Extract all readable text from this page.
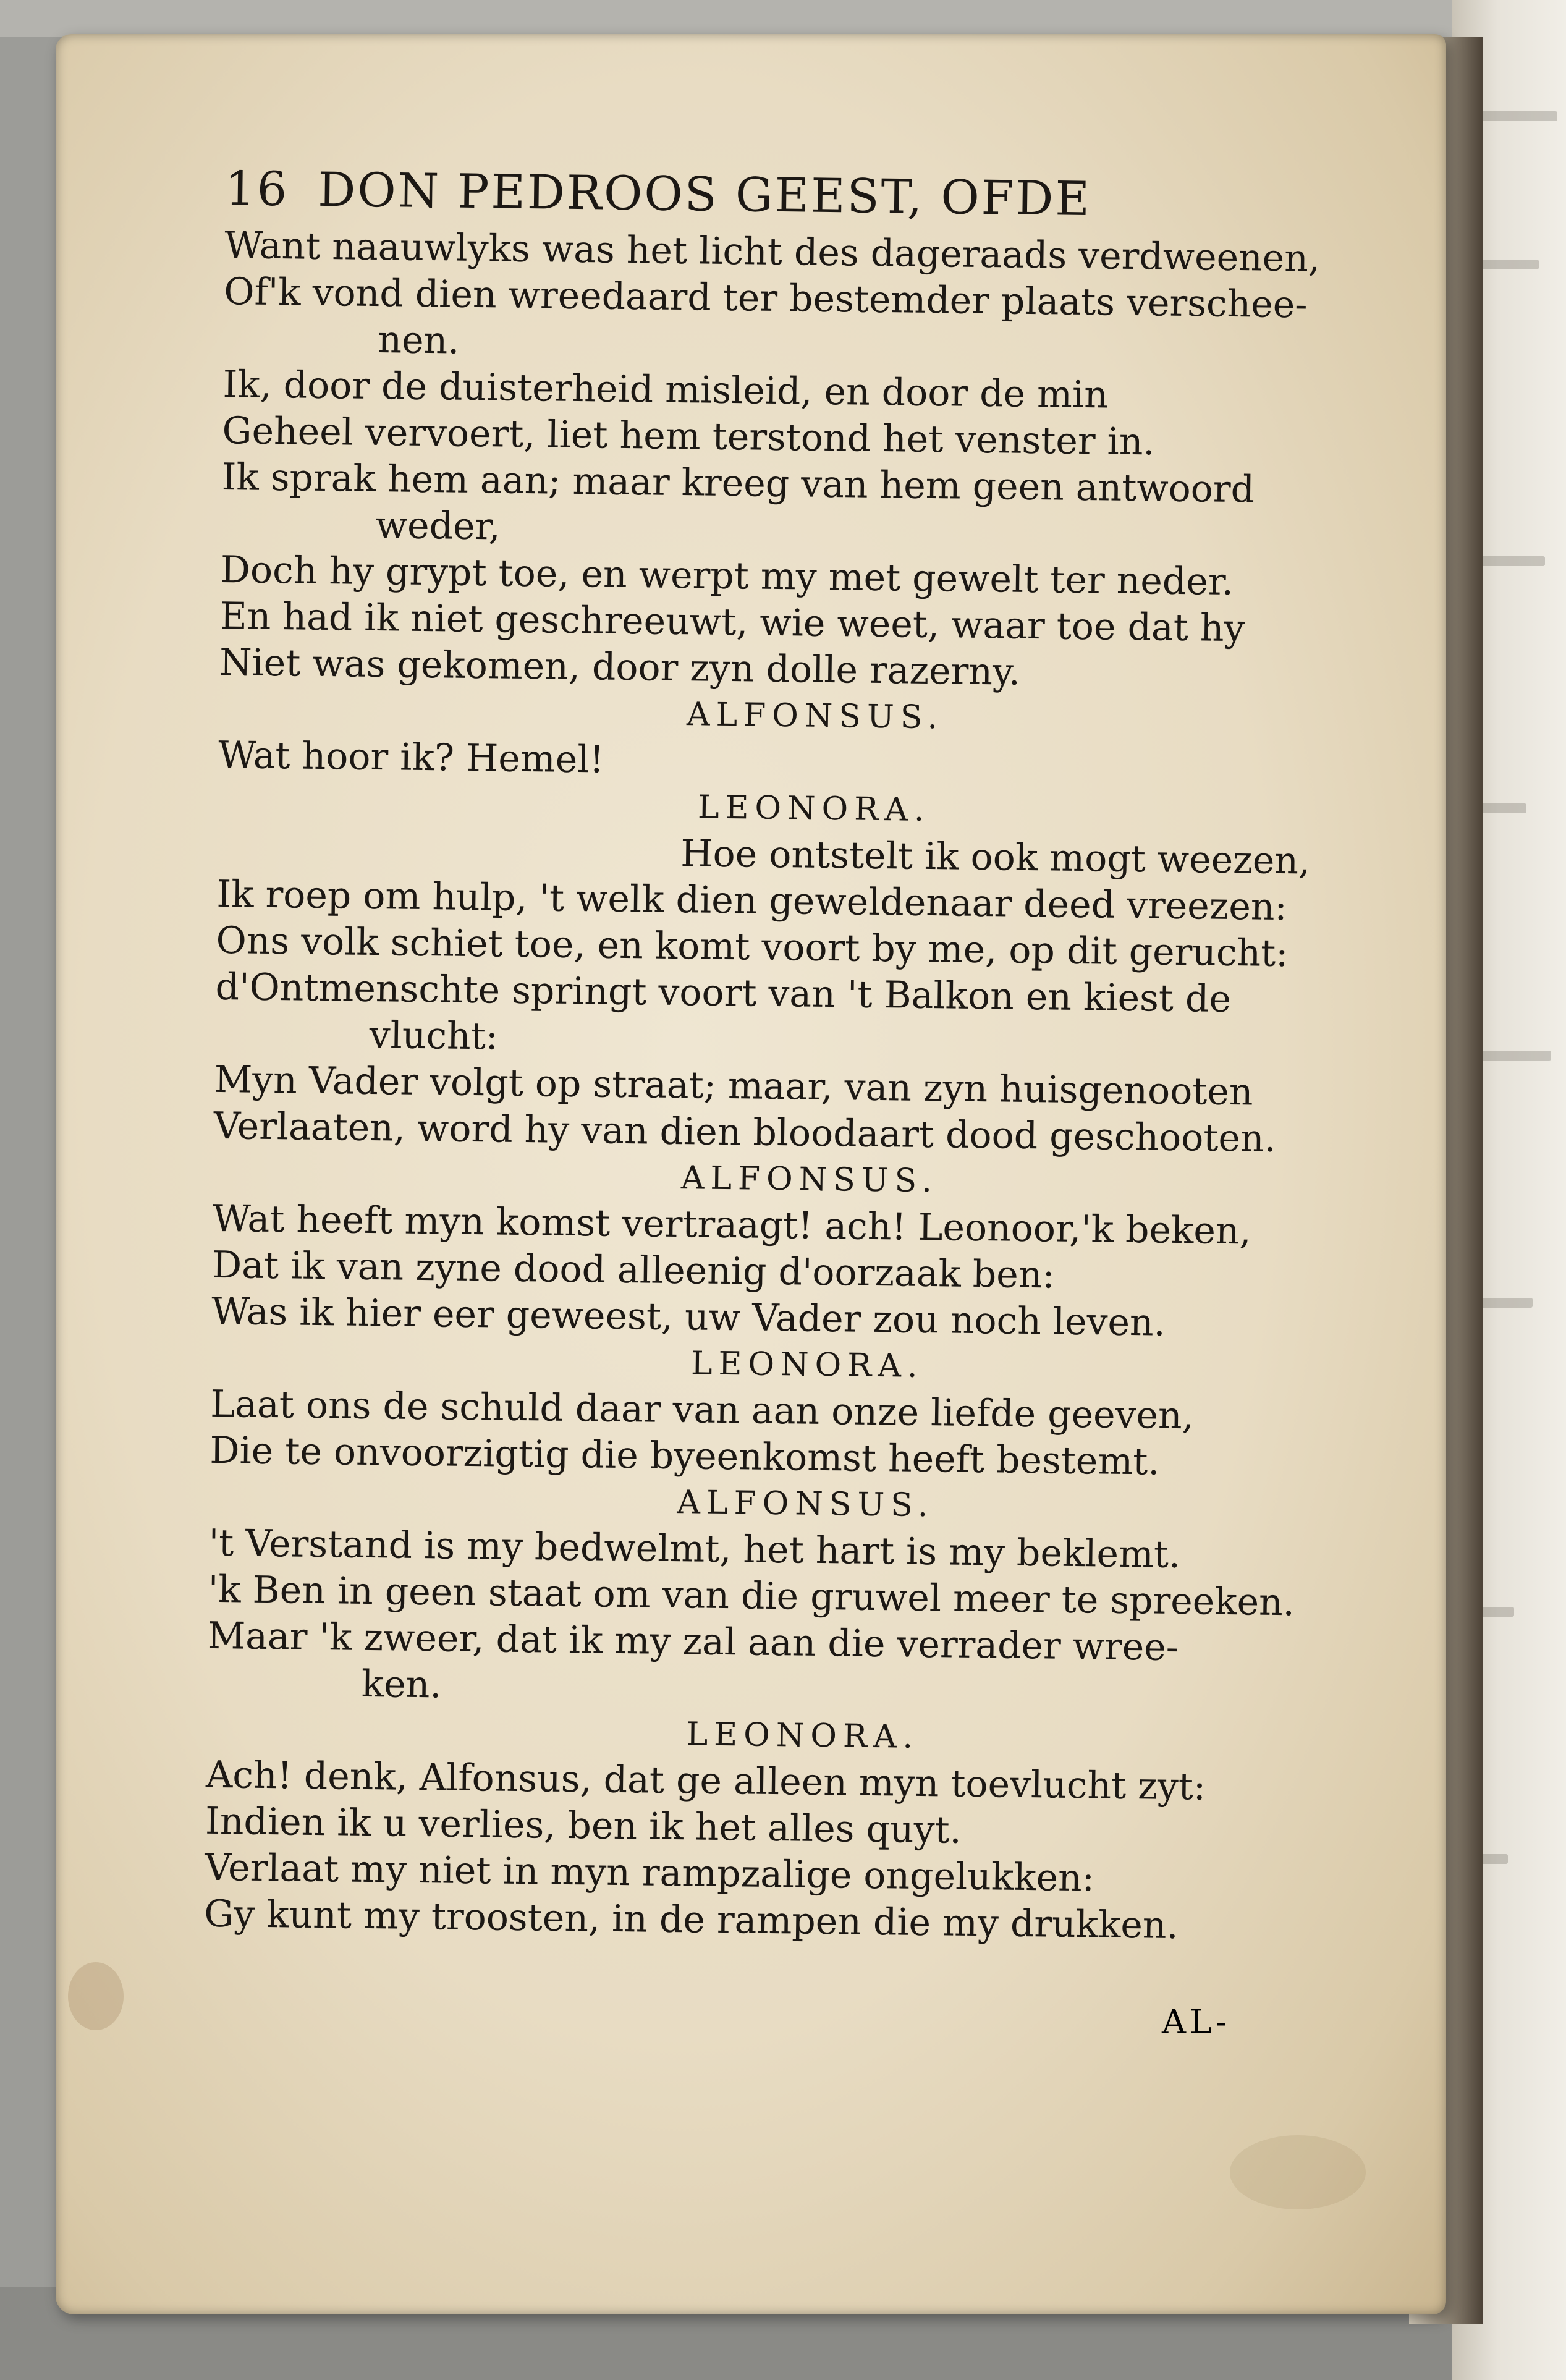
16 DON PEDROOS GEEST, OFDE
Want naauwlyks was het licht des dageraads verdweenen,
Of'k vond dien wreedaard ter bestemder plaats verschee-
nen.
Ik, door de duisterheid misleid, en door de min
Geheel vervoert, liet hem terstond het venster in.
Ik sprak hem aan; maar kreeg van hem geen antwoord
weder,
Doch hy grypt toe, en werpt my met gewelt ter neder.
En had ik niet geschreeuwt, wie weet, waar toe dat hy
Niet was gekomen, door zyn dolle razerny.
ALFONSUS.
Wat hoor ik? Hemel!
LEONORA.
Hoe ontstelt ik ook mogt weezen,
Ik roep om hulp, 't welk dien geweldenaar deed vreezen:
Ons volk schiet toe, en komt voort by me, op dit gerucht:
d'Ontmenschte springt voort van 't Balkon en kiest de
vlucht:
Myn Vader volgt op straat; maar, van zyn huisgenooten
Verlaaten, word hy van dien bloodaart dood geschooten.
ALFONSUS.
Wat heeft myn komst vertraagt! ach! Leonoor,'k beken,
Dat ik van zyne dood alleenig d'oorzaak ben:
Was ik hier eer geweest, uw Vader zou noch leven.
LEONORA.
Laat ons de schuld daar van aan onze liefde geeven,
Die te onvoorzigtig die byeenkomst heeft bestemt.
ALFONSUS.
't Verstand is my bedwelmt, het hart is my beklemt.
'k Ben in geen staat om van die gruwel meer te spreeken.
Maar 'k zweer, dat ik my zal aan die verrader wree-
ken.
LEONORA.
Ach! denk, Alfonsus, dat ge alleen myn toevlucht zyt:
Indien ik u verlies, ben ik het alles quyt.
Verlaat my niet in myn rampzalige ongelukken:
Gy kunt my troosten, in de rampen die my drukken.
AL-
